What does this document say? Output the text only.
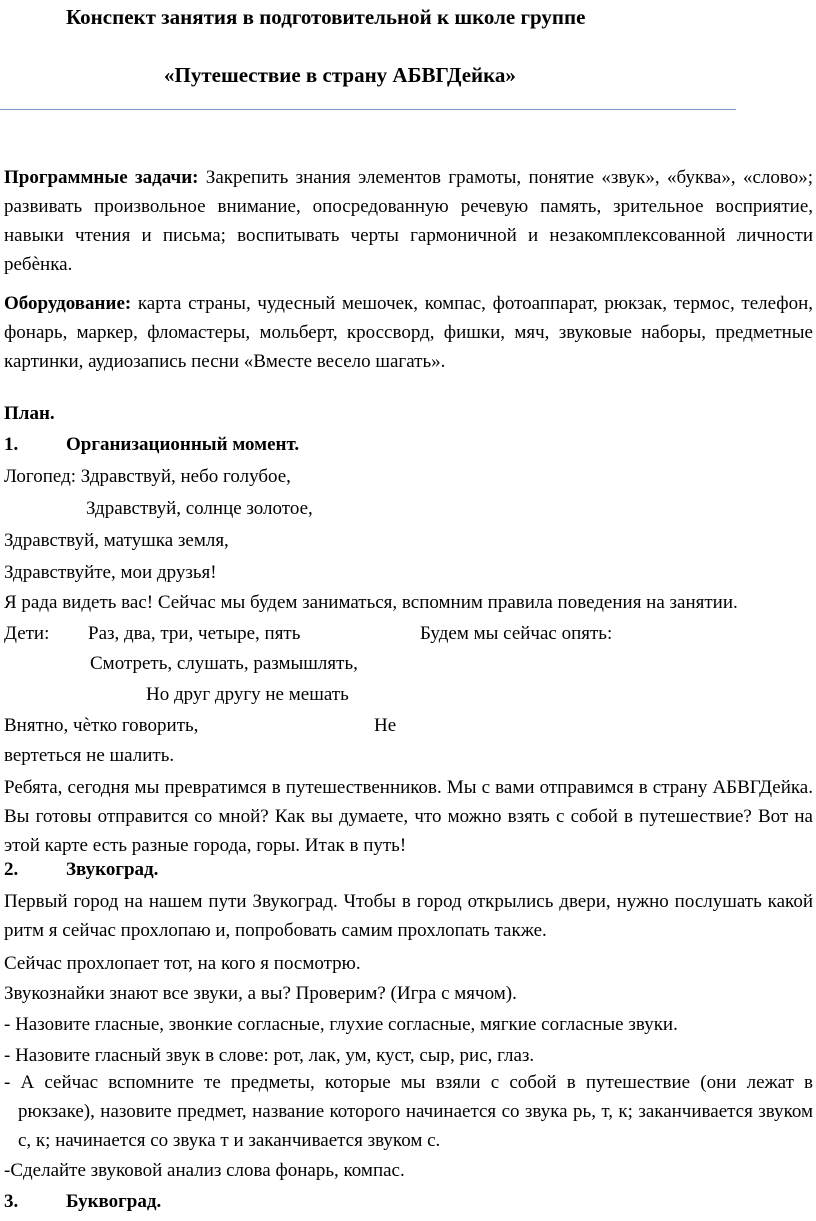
Конспект занятия в подготовительной к школе группе
«Путешествие в страну АБВГДейка»
Программные задачи: Закрепить знания элементов грамоты, понятие «звук», «буква», «слово»; развивать произвольное внимание, опосредованную речевую память, зрительное восприятие, навыки чтения и письма; воспитывать черты гармоничной и незакомплексованной личности ребѐнка.
Оборудование: карта страны, чудесный мешочек, компас, фотоаппарат, рюкзак, термос, телефон, фонарь, маркер, фломастеры, мольберт, кроссворд, фишки, мяч, звуковые наборы, предметные картинки, аудиозапись песни «Вместе весело шагать».
План.
1.	Организационный момент.
Логопед: Здравствуй, небо голубое,
Здравствуй, солнце золотое,
Здравствуй, матушка земля,
Здравствуйте, мои друзья!
Я рада видеть вас! Сейчас мы будем заниматься, вспомним правила поведения на занятии.
Дети: Раз, два, три, четыре, пять	Будем мы сейчас опять:
Смотреть, слушать, размышлять,
Но друг другу не мешать
Внятно, чѐтко говорить,	Не
вертеться не шалить.
Ребята, сегодня мы превратимся в путешественников. Мы с вами отправимся в страну АБВГДейка. Вы готовы отправится со мной? Как вы думаете, что можно взять с собой в путешествие? Вот на этой карте есть разные города, горы. Итак в путь!
2.	Звукоград.
Первый город на нашем пути Звукоград. Чтобы в город открылись двери, нужно послушать какой ритм я сейчас прохлопаю и, попробовать самим прохлопать также.
Сейчас прохлопает тот, на кого я посмотрю.
Звукознайки знают все звуки, а вы? Проверим? (Игра с мячом).
- Назовите гласные, звонкие согласные, глухие согласные, мягкие согласные звуки.
- Назовите гласный звук в слове: рот, лак, ум, куст, сыр, рис, глаз.
- А сейчас вспомните те предметы, которые мы взяли с собой в путешествие (они лежат в рюкзаке), назовите предмет, название которого начинается со звука рь, т, к; заканчивается звуком с, к; начинается со звука т и заканчивается звуком с.
-Сделайте звуковой анализ слова фонарь, компас.
3.	Буквоград.
